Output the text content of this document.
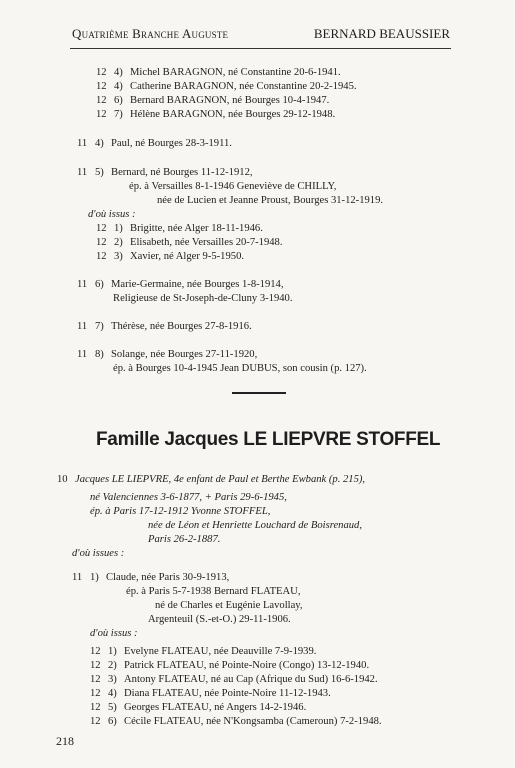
Quatrième Branche Auguste	BERNARD BEAUSSIER
12 4) Michel BARAGNON, né Constantine 20-6-1941.
12 4) Catherine BARAGNON, née Constantine 20-2-1945.
12 6) Bernard BARAGNON, né Bourges 10-4-1947.
12 7) Hélène BARAGNON, née Bourges 29-12-1948.
11 4) Paul, né Bourges 28-3-1911.
11 5) Bernard, né Bourges 11-12-1912,
ép. à Versailles 8-1-1946 Geneviève de CHILLY,
née de Lucien et Jeanne Proust, Bourges 31-12-1919.
d'où issus :
12 1) Brigitte, née Alger 18-11-1946.
12 2) Elisabeth, née Versailles 20-7-1948.
12 3) Xavier, né Alger 9-5-1950.
11 6) Marie-Germaine, née Bourges 1-8-1914,
Religieuse de St-Joseph-de-Cluny 3-1940.
11 7) Thérèse, née Bourges 27-8-1916.
11 8) Solange, née Bourges 27-11-1920,
ép. à Bourges 10-4-1945 Jean DUBUS, son cousin (p. 127).
Famille Jacques LE LIEPVRE STOFFEL
10 Jacques LE LIEPVRE, 4e enfant de Paul et Berthe Ewbank (p. 215),
né Valenciennes 3-6-1877, + Paris 29-6-1945,
ép. à Paris 17-12-1912 Yvonne STOFFEL,
née de Léon et Henriette Louchard de Boisrenaud,
Paris 26-2-1887.
d'où issues :
11 1) Claude, née Paris 30-9-1913,
ép. à Paris 5-7-1938 Bernard FLATEAU,
né de Charles et Eugénie Lavollay,
Argenteuil (S.-et-O.) 29-11-1906.
d'où issus :
12 1) Evelyne FLATEAU, née Deauville 7-9-1939.
12 2) Patrick FLATEAU, né Pointe-Noire (Congo) 13-12-1940.
12 3) Antony FLATEAU, né au Cap (Afrique du Sud) 16-6-1942.
12 4) Diana FLATEAU, née Pointe-Noire 11-12-1943.
12 5) Georges FLATEAU, né Angers 14-2-1946.
12 6) Cécile FLATEAU, née N'Kongsamba (Cameroun) 7-2-1948.
218
